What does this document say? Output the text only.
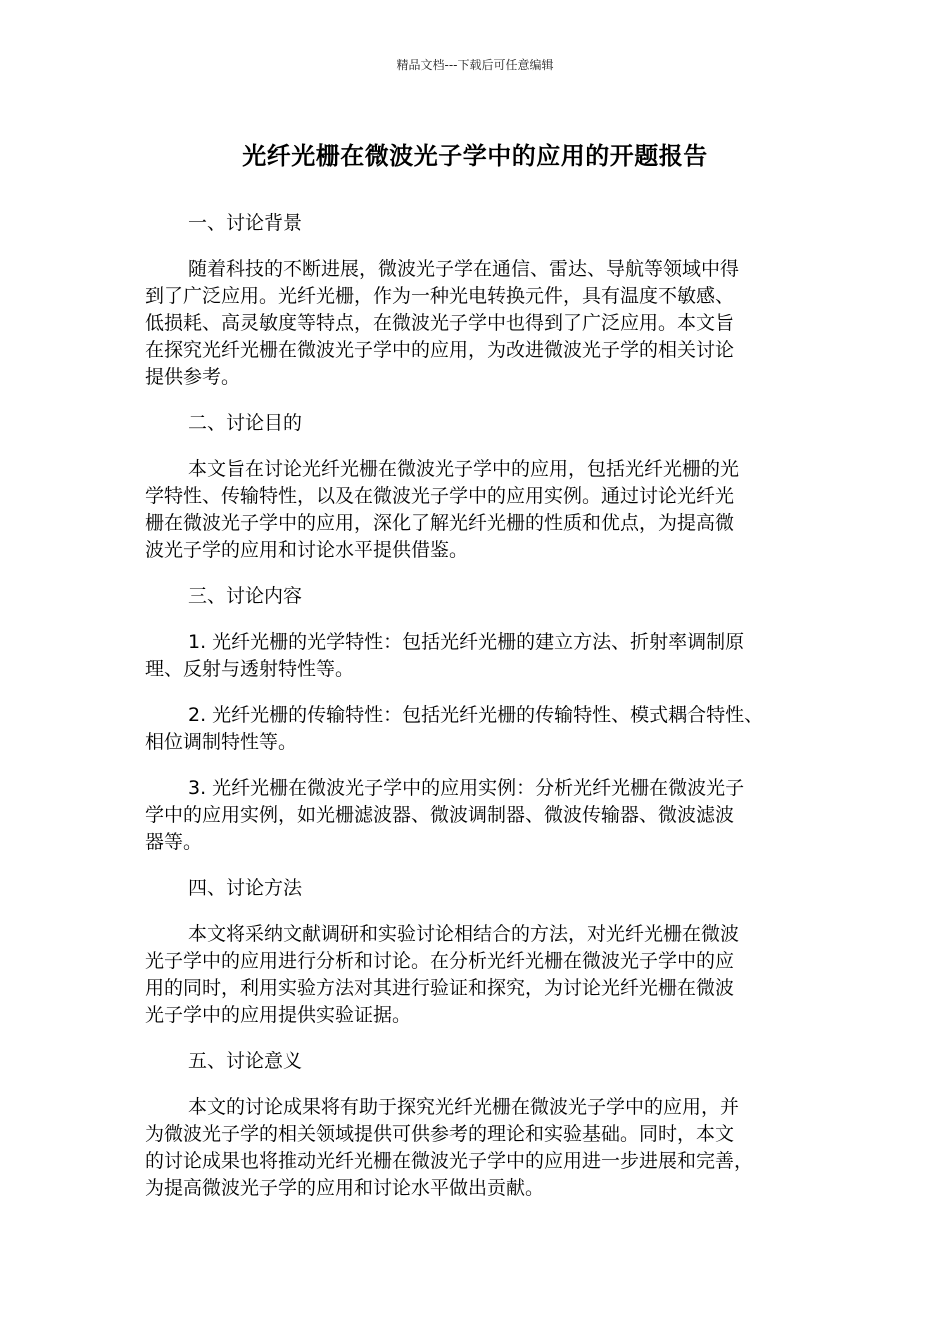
精品文档---下载后可任意编辑
光纤光栅在微波光子学中的应用的开题报告
一、讨论背景
随着科技的不断进展，微波光子学在通信、雷达、导航等领域中得
到了广泛应用。光纤光栅，作为一种光电转换元件，具有温度不敏感、
低损耗、高灵敏度等特点，在微波光子学中也得到了广泛应用。本文旨
在探究光纤光栅在微波光子学中的应用，为改进微波光子学的相关讨论
提供参考。
二、讨论目的
本文旨在讨论光纤光栅在微波光子学中的应用，包括光纤光栅的光
学特性、传输特性，以及在微波光子学中的应用实例。通过讨论光纤光
栅在微波光子学中的应用，深化了解光纤光栅的性质和优点，为提高微
波光子学的应用和讨论水平提供借鉴。
三、讨论内容
1. 光纤光栅的光学特性：包括光纤光栅的建立方法、折射率调制原
理、反射与透射特性等。
2. 光纤光栅的传输特性：包括光纤光栅的传输特性、模式耦合特性、
相位调制特性等。
3. 光纤光栅在微波光子学中的应用实例：分析光纤光栅在微波光子
学中的应用实例，如光栅滤波器、微波调制器、微波传输器、微波滤波
器等。
四、讨论方法
本文将采纳文献调研和实验讨论相结合的方法，对光纤光栅在微波
光子学中的应用进行分析和讨论。在分析光纤光栅在微波光子学中的应
用的同时，利用实验方法对其进行验证和探究，为讨论光纤光栅在微波
光子学中的应用提供实验证据。
五、讨论意义
本文的讨论成果将有助于探究光纤光栅在微波光子学中的应用，并
为微波光子学的相关领域提供可供参考的理论和实验基础。同时，本文
的讨论成果也将推动光纤光栅在微波光子学中的应用进一步进展和完善，
为提高微波光子学的应用和讨论水平做出贡献。
